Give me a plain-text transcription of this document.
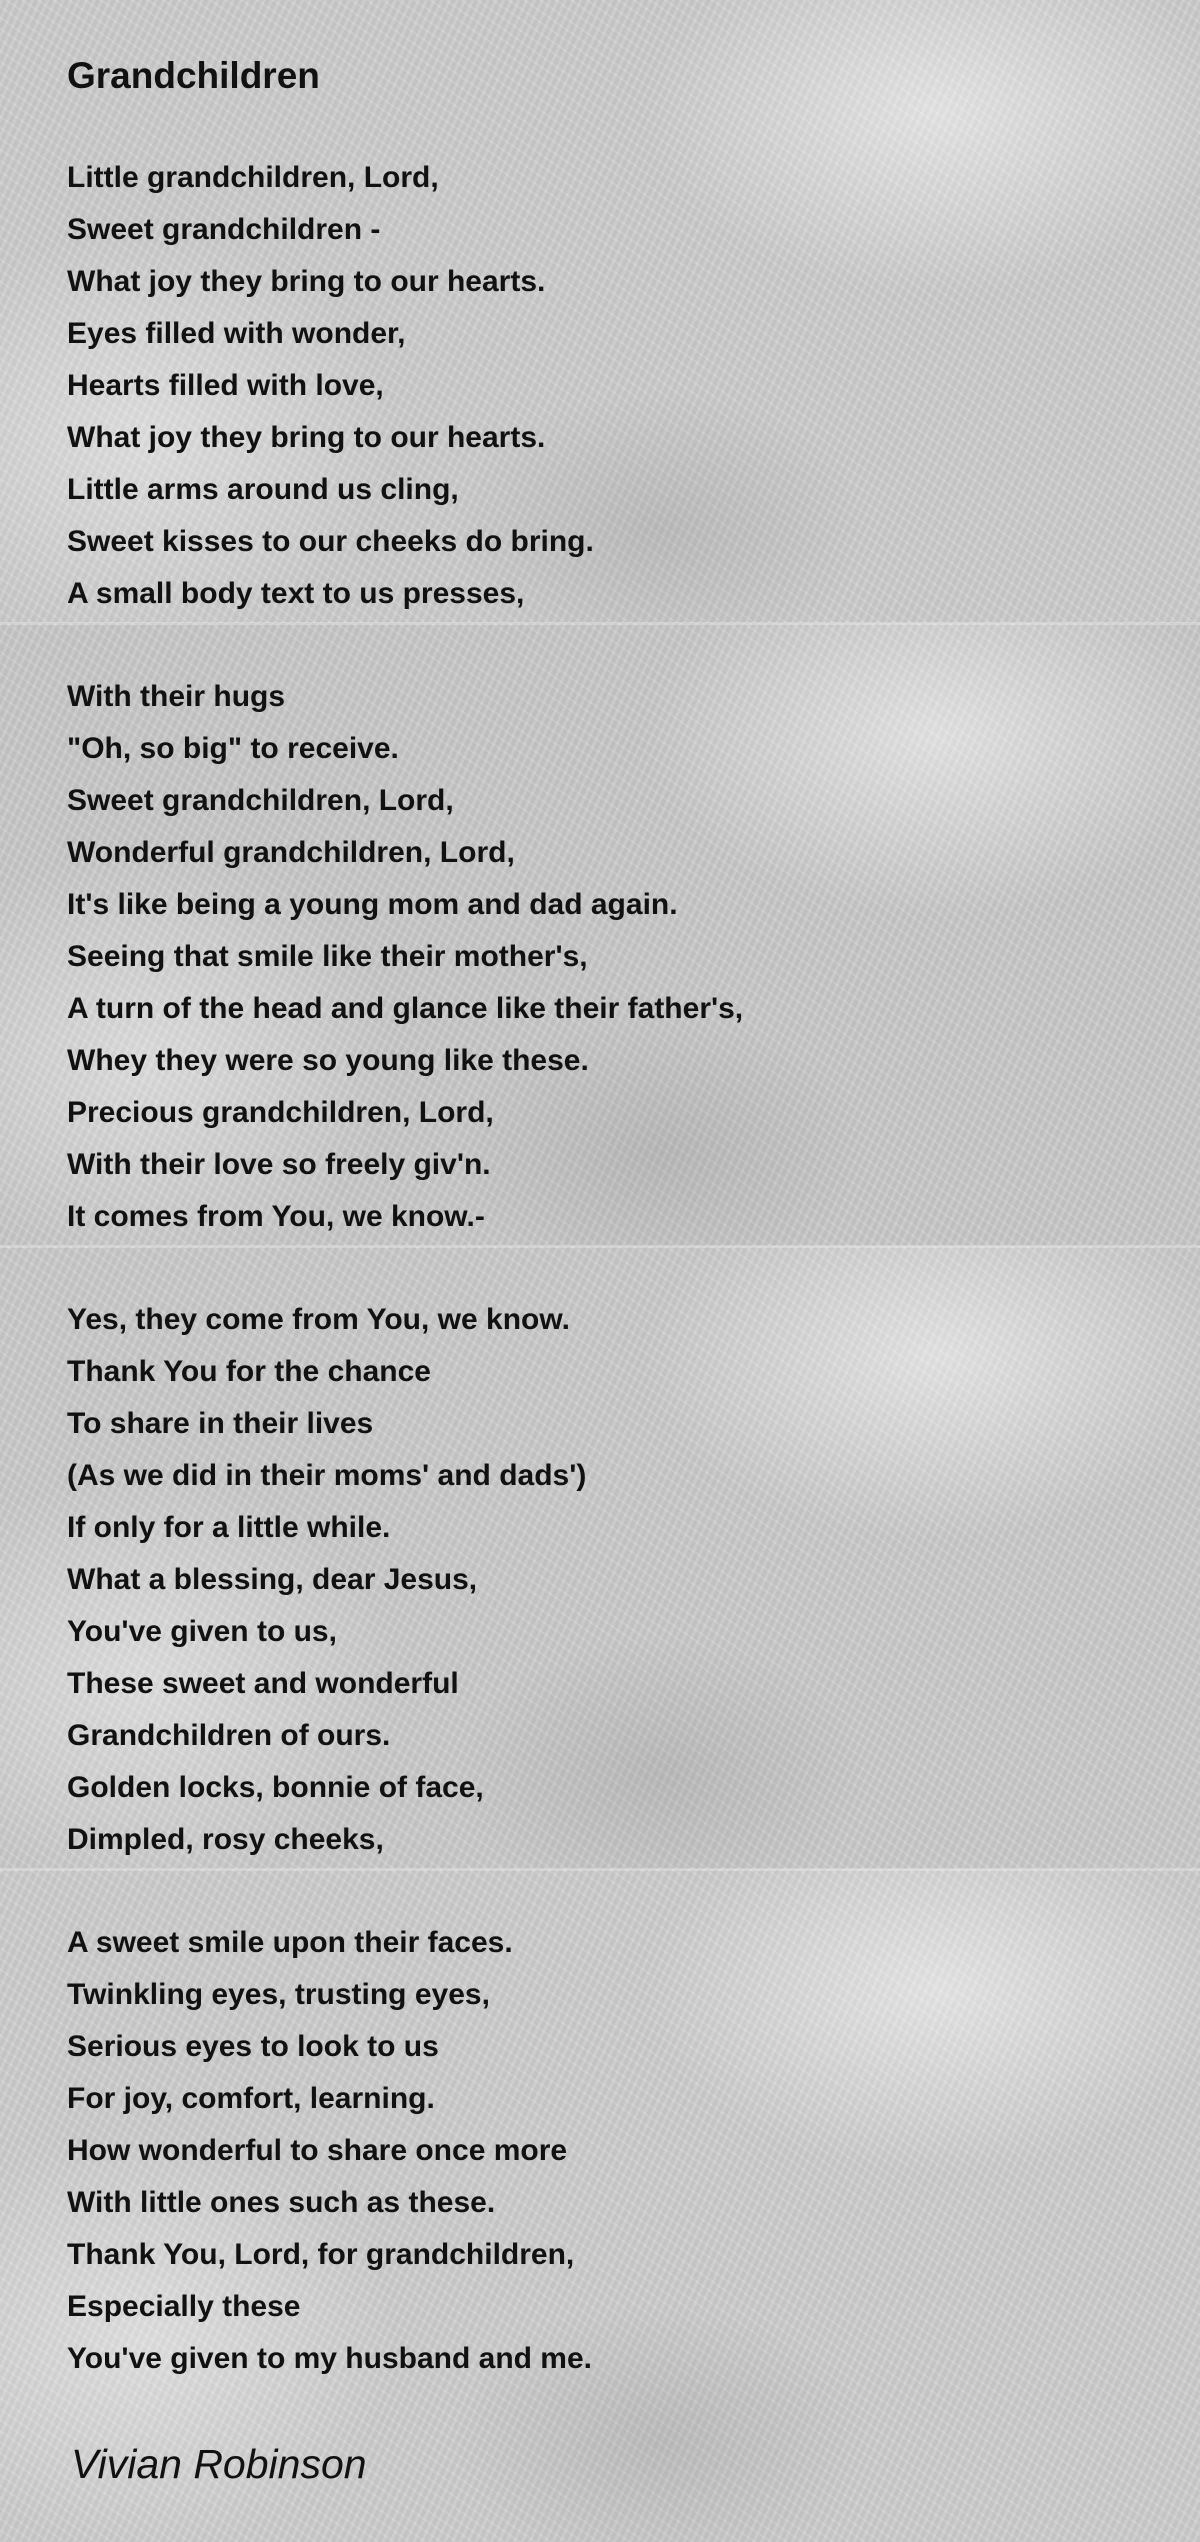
Grandchildren
Little grandchildren, Lord,
Sweet grandchildren -
What joy they bring to our hearts.
Eyes filled with wonder,
Hearts filled with love,
What joy they bring to our hearts.
Little arms around us cling,
Sweet kisses to our cheeks do bring.
A small body text to us presses,
With their hugs
"Oh, so big" to receive.
Sweet grandchildren, Lord,
Wonderful grandchildren, Lord,
It's like being a young mom and dad again.
Seeing that smile like their mother's,
A turn of the head and glance like their father's,
Whey they were so young like these.
Precious grandchildren, Lord,
With their love so freely giv'n.
It comes from You, we know.-
Yes, they come from You, we know.
Thank You for the chance
To share in their lives
(As we did in their moms' and dads')
If only for a little while.
What a blessing, dear Jesus,
You've given to us,
These sweet and wonderful
Grandchildren of ours.
Golden locks, bonnie of face,
Dimpled, rosy cheeks,
A sweet smile upon their faces.
Twinkling eyes, trusting eyes,
Serious eyes to look to us
For joy, comfort, learning.
How wonderful to share once more
With little ones such as these.
Thank You, Lord, for grandchildren,
Especially these
You've given to my husband and me.

Vivian Robinson
